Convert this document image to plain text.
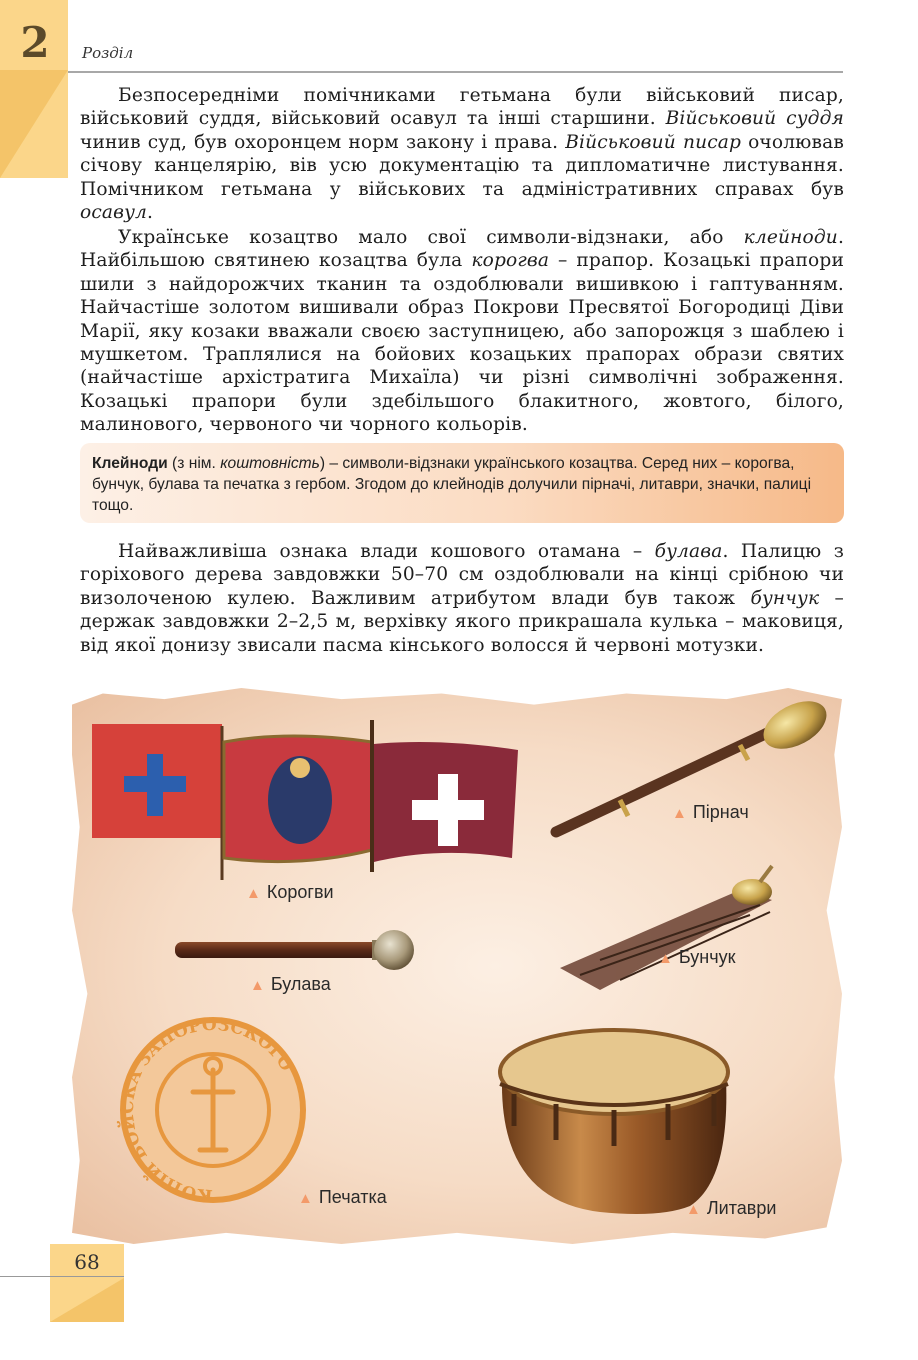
2	Розділ
Безпосередніми помічниками гетьмана були військовий писар, військовий суддя, військовий осавул та інші старшини. Військовий суддя чинив суд, був охоронцем норм закону і права. Військовий писар очолював січову канцелярію, вів усю документацію та дипломатичне листування. Помічником гетьмана у військових та адміністративних справах був осавул.
Українське козацтво мало свої символи-відзнаки, або клейноди. Найбільшою святинею козацтва була корогва – прапор. Козацькі прапори шили з найдорожчих тканин та оздоблювали вишивкою і гаптуванням. Найчастіше золотом вишивали образ Покрови Пресвятої Богородиці Діви Марії, яку козаки вважали своєю заступницею, або запорожця з шаблею і мушкетом. Траплялися на бойових козацьких прапорах образи святих (найчастіше архістратига Михаїла) чи різні символічні зображення. Козацькі прапори були здебільшого блакитного, жовтого, білого, малинового, червоного чи чорного кольорів.
Клейноди (з нім. коштовність) – символи-відзнаки українського козацтва. Серед них – корогва, бунчук, булава та печатка з гербом. Згодом до клейнодів долучили пірначі, литаври, значки, палиці тощо.
Найважливіша ознака влади кошового отамана – булава. Палицю з горіхового дерева завдовжки 50–70 см оздоблювали на кінці срібною чи визолоченою кулею. Важливим атрибутом влади був також бунчук – держак завдовжки 2–2,5 м, верхівку якого прикрашала кулька – маковиця, від якої донизу звисали пасма кінського волосся й червоні мотузки.
КОПІЙ ВОЙСКА ЗАПОРОЗСКОГО
▲ Корогви
▲ Пірнач
▲ Бунчук
▲ Булава
▲ Печатка
▲ Литаври
68
